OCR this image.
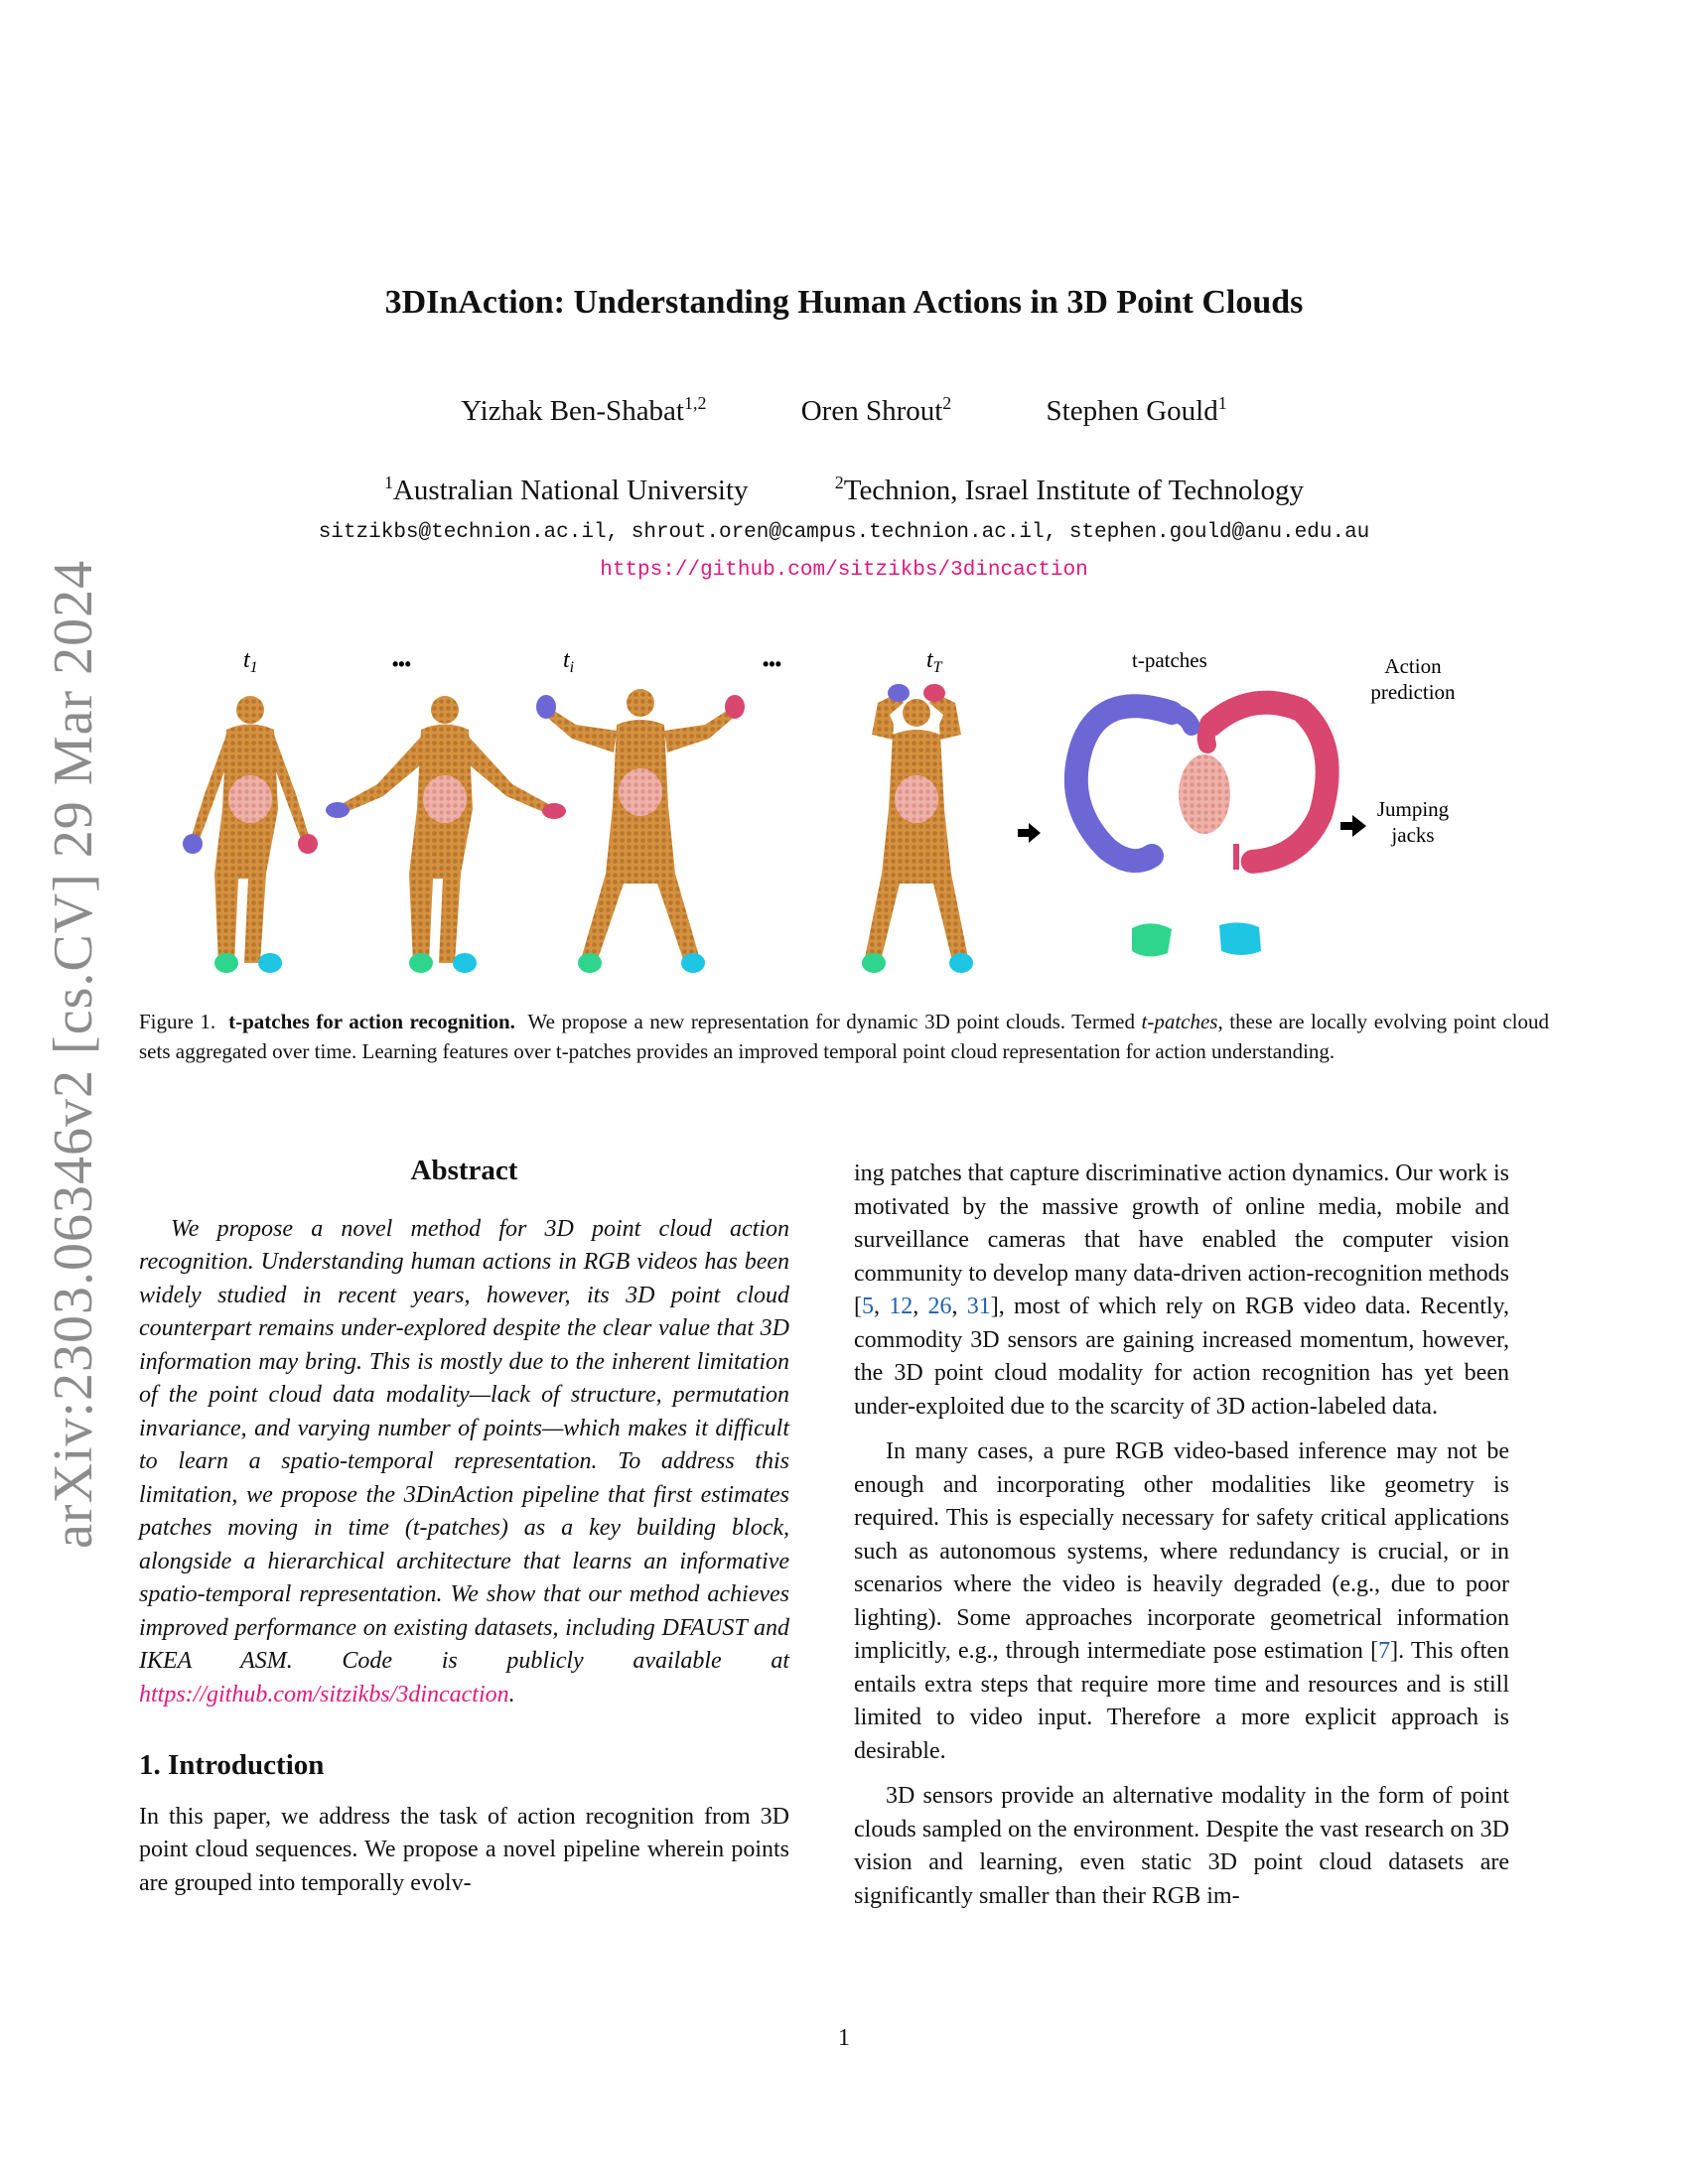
arXiv:2303.06346v2 [cs.CV] 29 Mar 2024
3DInAction: Understanding Human Actions in 3D Point Clouds
Yizhak Ben-Shabat$^{1,2}$	Oren Shrout$^2$	Stephen Gould$^1$
$^1$Australian National University	$^2$Technion, Israel Institute of Technology
sitzikbs@technion.ac.il, shrout.oren@campus.technion.ac.il, stephen.gould@anu.edu.au
https://github.com/sitzikbs/3dincaction
$t_1$	•••	$t_i$	•••	$t_T$	t-patches	Action
prediction
Jumping
jacks
Figure 1. t-patches for action recognition. We propose a new representation for dynamic 3D point clouds. Termed t-patches, these are locally evolving point cloud sets aggregated over time. Learning features over t-patches provides an improved temporal point cloud representation for action understanding.
Abstract

We propose a novel method for 3D point cloud action recognition. Understanding human actions in RGB videos has been widely studied in recent years, however, its 3D point cloud counterpart remains under-explored despite the clear value that 3D information may bring. This is mostly due to the inherent limitation of the point cloud data modality—lack of structure, permutation invariance, and varying number of points—which makes it difficult to learn a spatio-temporal representation. To address this limitation, we propose the 3DinAction pipeline that first estimates patches moving in time (t-patches) as a key building block, alongside a hierarchical architecture that learns an informative spatio-temporal representation. We show that our method achieves improved performance on existing datasets, including DFAUST and IKEA ASM. Code is publicly available at https://github.com/sitzikbs/3dincaction.

1. Introduction

In this paper, we address the task of action recognition from 3D point cloud sequences. We propose a novel pipeline wherein points are grouped into temporally evolv-

ing patches that capture discriminative action dynamics. Our work is motivated by the massive growth of online media, mobile and surveillance cameras that have enabled the computer vision community to develop many data-driven action-recognition methods [5, 12, 26, 31], most of which rely on RGB video data. Recently, commodity 3D sensors are gaining increased momentum, however, the 3D point cloud modality for action recognition has yet been under-exploited due to the scarcity of 3D action-labeled data.

In many cases, a pure RGB video-based inference may not be enough and incorporating other modalities like geometry is required. This is especially necessary for safety critical applications such as autonomous systems, where redundancy is crucial, or in scenarios where the video is heavily degraded (e.g., due to poor lighting). Some approaches incorporate geometrical information implicitly, e.g., through intermediate pose estimation [7]. This often entails extra steps that require more time and resources and is still limited to video input. Therefore a more explicit approach is desirable.

3D sensors provide an alternative modality in the form of point clouds sampled on the environment. Despite the vast research on 3D vision and learning, even static 3D point cloud datasets are significantly smaller than their RGB im-

1
